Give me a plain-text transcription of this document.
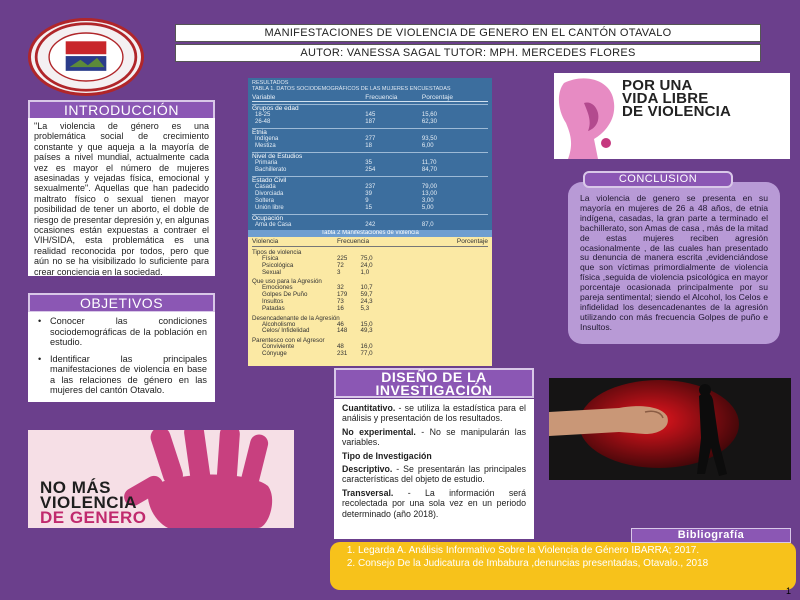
MANIFESTACIONES DE VIOLENCIA DE GENERO EN EL CANTÓN OTAVALO
AUTOR: VANESSA SAGAL TUTOR: MPH. MERCEDES FLORES
INTRODUCCIÓN
"La violencia de género es una problemática social de crecimiento constante y que aqueja a la mayoría de países a nivel mundial, actualmente cada vez es mayor el número de mujeres asesinadas y vejadas física, emocional y sexualmente". Aquellas que han padecido maltrato físico o sexual tienen mayor posibilidad de tener un aborto, el doble de riesgo de presentar depresión y, en algunas ocasiones están expuestas a contraer el VIH/SIDA, esta problemática es una realidad reconocida por todos, pero que aún no se ha visibilizado lo suficiente para crear conciencia en la sociedad.
OBJETIVOS
• Conocer las condiciones sociodemográficas de la población en estudio.
• Identificar las principales manifestaciones de violencia en base a las relaciones de género en las mujeres del cantón Otavalo.
RESULTADOS
TABLA 1. DATOS SOCIODEMOGRÁFICOS DE LAS MUJERES ENCUESTADAS
Variable	Frecuencia	Porcentaje
Grupos de edad
18-25	145	15,60
26-48	187	62,30
Etnia
Indígena	277	93,50
Mestiza	18	6,00
Nivel de Estudios
Primaria	35	11,70
Bachillerato	254	84,70
Estado Civil
Casada	237	79,00
Divorciada	39	13,00
Soltera	9	3,00
Unión libre	15	5,00
Ocupación
Ama de Casa	242	87,0
Tabla 2 Manifestaciones de violencia
Violencia	Frecuencia	Porcentaje
Tipos de violencia
Física	225	75,0
Psicológica	72	24,0
Sexual	3	1,0
Que uso para la Agresión
Emociones	32	10,7
Golpes De Puño	179	59,7
Insultos	73	24,3
Patadas	16	5,3
Desencadenante de la Agresión
Alcoholismo	46	15,0
Celos/ Infidelidad	148	49,3
Parentesco con el Agresor
Conviviente	48	16,0
Cónyuge	231	77,0
POR UNA
VIDA LIBRE
DE VIOLENCIA
La violencia de genero se presenta en su mayoría en mujeres de 26 a 48 años, de etnia indígena, casadas, la gran parte a terminado el bachillerato, son Amas de casa , más de la mitad de estas mujeres reciben agresión ocasionalmente , de las cuales han presentado su denuncia de manera escrita ,evidenciándose que son víctimas primordialmente de violencia física ,seguida de violencia psicológica en mayor porcentaje ocasionada principalmente por su pareja sentimental; siendo el Alcohol, los Celos e infidelidad los desencadenantes de la agresión utilizando con más frecuencia Golpes de puño e Insultos.
CONCLUSION
DISEÑO DE LA
INVESTIGACIÓN

Cuantitativo. - se utiliza la estadística para el análisis y presentación de los resultados.

No experimental. - No se manipularán las variables.

Tipo de Investigación

Descriptivo. - Se presentarán las principales características del objeto de estudio.

Transversal. - La información será recolectada por una sola vez en un periodo determinado (año 2018).

NO MÁS
VIOLENCIA
DE GENERO
1. Legarda A. Análisis Informativo Sobre la Violencia de Género IBARRA; 2017.
2. Consejo De la Judicatura de Imbabura ,denuncias presentadas, Otavalo., 2018
Bibliografía
1
